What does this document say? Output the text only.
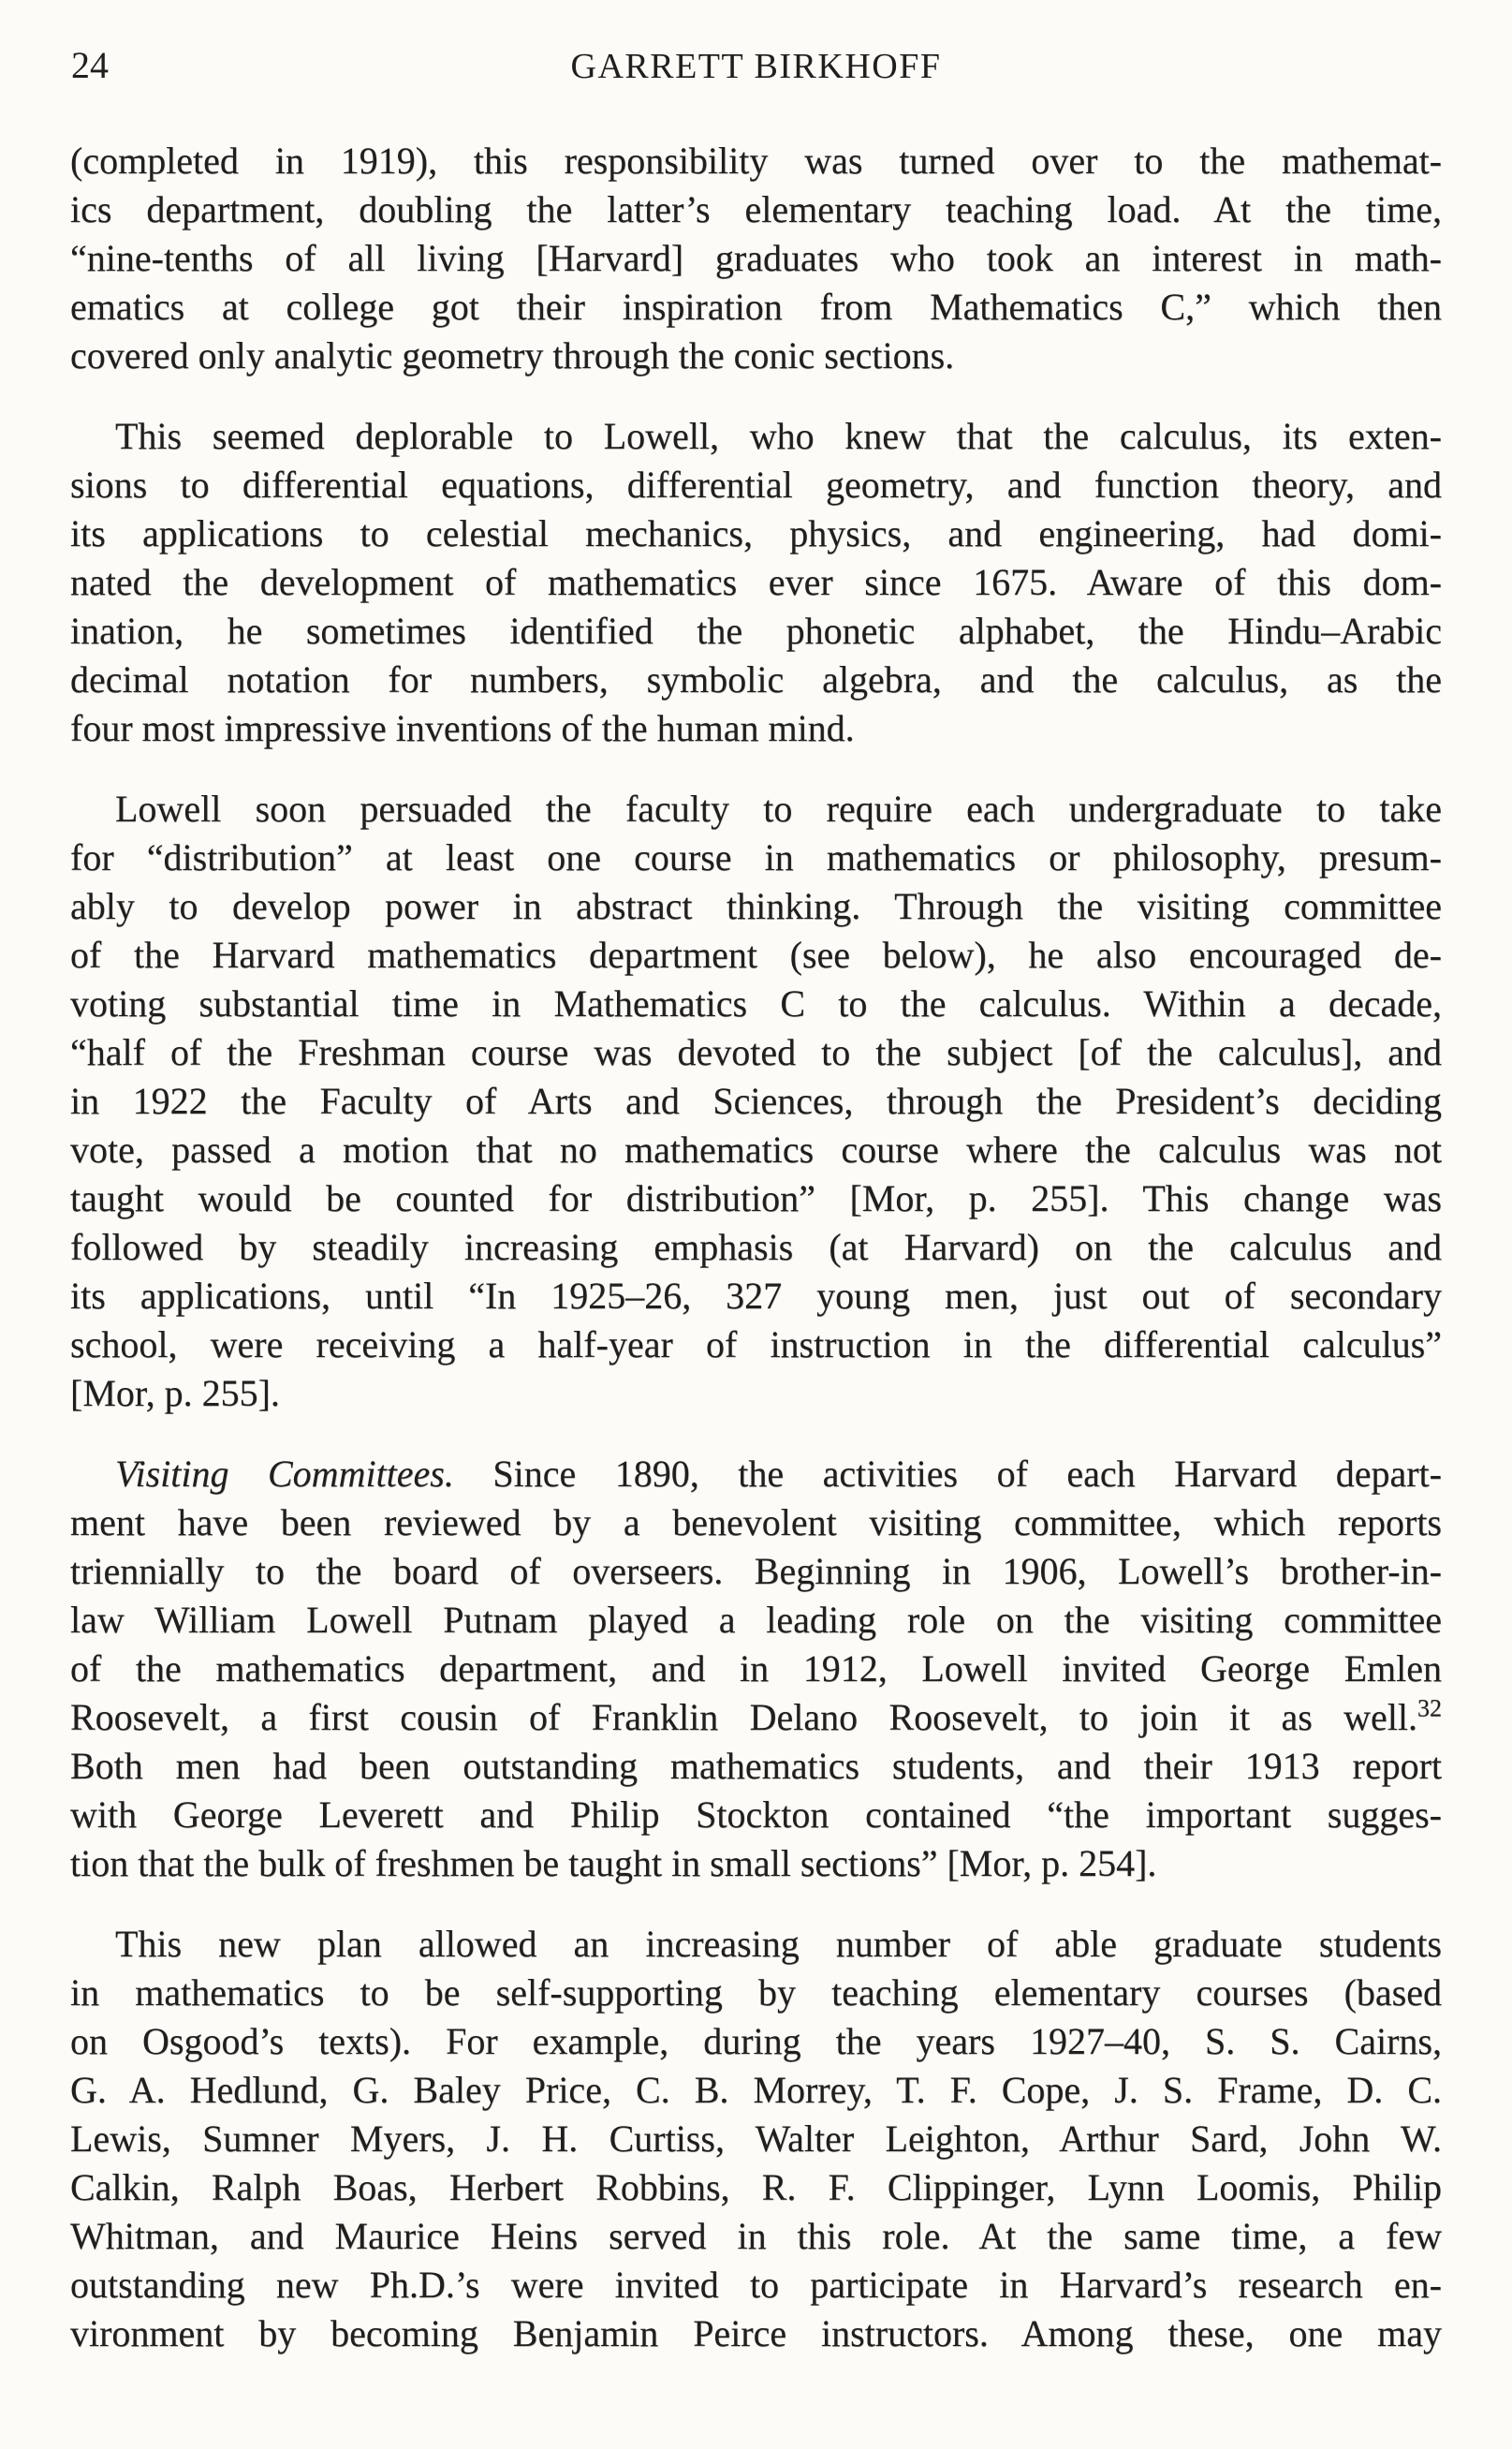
24	GARRETT BIRKHOFF
(completed in 1919), this responsibility was turned over to the mathemat-
ics department, doubling the latter’s elementary teaching load. At the time,
“nine-tenths of all living [Harvard] graduates who took an interest in math-
ematics at college got their inspiration from Mathematics C,” which then
covered only analytic geometry through the conic sections.
This seemed deplorable to Lowell, who knew that the calculus, its exten-
sions to differential equations, differential geometry, and function theory, and
its applications to celestial mechanics, physics, and engineering, had domi-
nated the development of mathematics ever since 1675. Aware of this dom-
ination, he sometimes identified the phonetic alphabet, the Hindu–Arabic
decimal notation for numbers, symbolic algebra, and the calculus, as the
four most impressive inventions of the human mind.
Lowell soon persuaded the faculty to require each undergraduate to take
for “distribution” at least one course in mathematics or philosophy, presum-
ably to develop power in abstract thinking. Through the visiting committee
of the Harvard mathematics department (see below), he also encouraged de-
voting substantial time in Mathematics C to the calculus. Within a decade,
“half of the Freshman course was devoted to the subject [of the calculus], and
in 1922 the Faculty of Arts and Sciences, through the President’s deciding
vote, passed a motion that no mathematics course where the calculus was not
taught would be counted for distribution” [Mor, p. 255]. This change was
followed by steadily increasing emphasis (at Harvard) on the calculus and
its applications, until “In 1925–26, 327 young men, just out of secondary
school, were receiving a half-year of instruction in the differential calculus”
[Mor, p. 255].
Visiting Committees. Since 1890, the activities of each Harvard depart-
ment have been reviewed by a benevolent visiting committee, which reports
triennially to the board of overseers. Beginning in 1906, Lowell’s brother-in-
law William Lowell Putnam played a leading role on the visiting committee
of the mathematics department, and in 1912, Lowell invited George Emlen
Roosevelt, a first cousin of Franklin Delano Roosevelt, to join it as well.$^{32}$
Both men had been outstanding mathematics students, and their 1913 report
with George Leverett and Philip Stockton contained “the important sugges-
tion that the bulk of freshmen be taught in small sections” [Mor, p. 254].
This new plan allowed an increasing number of able graduate students
in mathematics to be self-supporting by teaching elementary courses (based
on Osgood’s texts). For example, during the years 1927–40, S. S. Cairns,
G. A. Hedlund, G. Baley Price, C. B. Morrey, T. F. Cope, J. S. Frame, D. C.
Lewis, Sumner Myers, J. H. Curtiss, Walter Leighton, Arthur Sard, John W.
Calkin, Ralph Boas, Herbert Robbins, R. F. Clippinger, Lynn Loomis, Philip
Whitman, and Maurice Heins served in this role. At the same time, a few
outstanding new Ph.D.’s were invited to participate in Harvard’s research en-
vironment by becoming Benjamin Peirce instructors. Among these, one may
